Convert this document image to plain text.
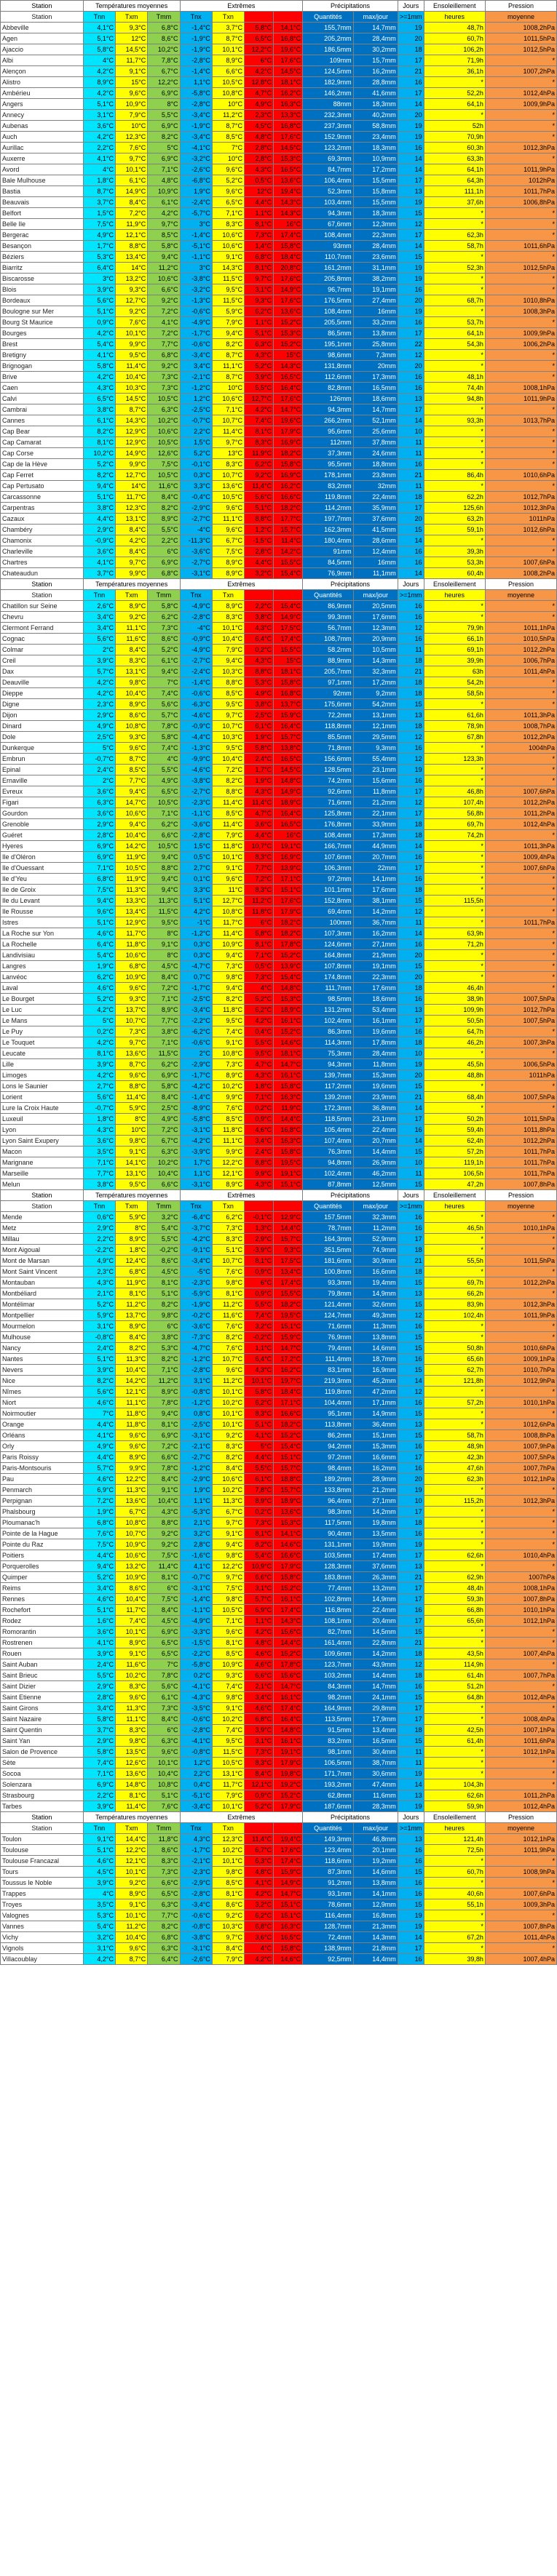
Station	Températures moyennes			Extrêmes				Précipitations		Jours	Ensoleillement	Pression
Station	Tnn	Txm	Tmm	Tnx	Txn			Quantités	max/jour	>=1mm	heures	moyenne
Abbeville	4,1°C	9,3°C	6,8°C	-1,4°C	3,7°C	5,8°C	14,1°C	155,7mm	14,7mm	19	48,7h	1008,2hPa
Agen	5,1°C	12°C	8,6°C	-1,9°C	8,7°C	6,5°C	16,8°C	205,2mm	28,4mm	20	60,7h	1011,5hPa
Ajaccio	5,8°C	14,5°C	10,2°C	-1,9°C	10,1°C	12,2°C	19,6°C	186,5mm	30,2mm	18	106,2h	1012,5hPa
Albi	4°C	11,7°C	7,8°C	-2,8°C	8,9°C	6°C	17,6°C	109mm	15,7mm	17	71,9h	*
Alençon	4,2°C	9,1°C	6,7°C	-1,4°C	6,6°C	4,2°C	14,5°C	124,5mm	16,2mm	21	36,1h	1007,2hPa
Alistro	8,9°C	15°C	12,2°C	1,1°C	10,5°C	12,8°C	18,1°C	182,9mm	28,8mm	16	*	*
Ambérieu	4,2°C	9,6°C	6,9°C	-5,8°C	10,8°C	4,7°C	16,2°C	146,2mm	41,6mm	17	52,2h	1012,4hPa
Angers	5,1°C	10,9°C	8°C	-2,8°C	10°C	4,9°C	16,3°C	88mm	18,3mm	14	64,1h	1009,9hPa
Annecy	3,1°C	7,9°C	5,5°C	-3,4°C	11,2°C	2,3°C	13,3°C	232,3mm	40,2mm	20	*	*
Aubenas	3,6°C	10°C	6,9°C	-1,9°C	8,7°C	4,5°C	16,8°C	237,3mm	58,8mm	19	52h	*
Auch	4,2°C	12,3°C	8,2°C	-3,4°C	8,5°C	4,8°C	17,6°C	152,9mm	23,4mm	19	70,9h	*
Aurillac	2,2°C	7,6°C	5°C	-4,1°C	7°C	2,8°C	14,5°C	123,2mm	18,3mm	16	60,3h	1012,3hPa
Auxerre	4,1°C	9,7°C	6,9°C	-3,2°C	10°C	2,8°C	15,3°C	69,3mm	10,9mm	14	63,3h	*
Avord	4°C	10,1°C	7,1°C	-2,6°C	9,6°C	4,3°C	16,5°C	84,7mm	17,2mm	14	64,1h	1011,9hPa
Bale Mulhouse	1,8°C	6,1°C	4,8°C	-6,8°C	5,2°C	0,5°C	13,6°C	106,4mm	15,5mm	17	64,3h	1012hPa
Bastia	8,7°C	14,9°C	10,9°C	1,9°C	9,6°C	12°C	19,4°C	52,3mm	15,8mm	13	111,1h	1011,7hPa
Beauvais	3,7°C	8,4°C	6,1°C	-2,4°C	6,5°C	4,4°C	14,3°C	103,4mm	15,5mm	19	37,6h	1006,8hPa
Belfort	1,5°C	7,2°C	4,2°C	-5,7°C	7,1°C	1,1°C	14,3°C	94,3mm	18,3mm	15	*	*
Belle Ile	7,5°C	11,9°C	9,7°C	3°C	8,3°C	8,1°C	16°C	67,6mm	12,3mm	12	*	*
Bergerac	4,9°C	12,1°C	8,5°C	-1,4°C	10,6°C	7,3°C	17,4°C	108,4mm	22,3mm	17	62,3h	*
Besançon	1,7°C	8,8°C	5,8°C	-5,1°C	10,6°C	1,4°C	15,8°C	93mm	28,4mm	14	58,7h	1011,6hPa
Béziers	5,3°C	13,4°C	9,4°C	-1,1°C	9,1°C	6,8°C	18,4°C	110,7mm	23,6mm	15	*	*
Biarritz	6,4°C	14°C	11,2°C	3°C	14,3°C	8,1°C	20,8°C	161,2mm	31,1mm	19	52,3h	1012,5hPa
Biscarosse	3°C	13,2°C	10,6°C	-3,8°C	11,5°C	9,7°C	17,6°C	205,8mm	38,2mm	19	*	*
Blois	3,9°C	9,3°C	6,6°C	-3,2°C	9,5°C	3,1°C	14,9°C	96,7mm	19,1mm	16	*	*
Bordeaux	5,6°C	12,7°C	9,2°C	-1,3°C	11,5°C	9,3°C	17,6°C	176,5mm	27,4mm	20	68,7h	1010,8hPa
Boulogne sur Mer	5,1°C	9,2°C	7,2°C	-0,6°C	5,9°C	6,2°C	13,6°C	108,4mm	16mm	19	*	1008,3hPa
Bourg St Maurice	0,9°C	7,6°C	4,1°C	-4,9°C	7,9°C	1,1°C	15,2°C	205,5mm	33,2mm	16	53,7h	*
Bourges	4,2°C	10,1°C	7,2°C	-1,7°C	9,4°C	5,1°C	15,3°C	86,5mm	13,8mm	17	64,1h	1009,9hPa
Brest	5,4°C	9,9°C	7,7°C	-0,6°C	8,2°C	6,3°C	15,2°C	195,1mm	25,8mm	22	54,3h	1006,2hPa
Bretigny	4,1°C	9,5°C	6,8°C	-3,4°C	8,7°C	4,3°C	15°C	98,6mm	7,3mm	12	*	*
Brignogan	5,8°C	11,4°C	9,2°C	3,4°C	11,1°C	5,2°C	14,3°C	131,8mm	20mm	20	*	*
Brive	4,2°C	10,4°C	7,3°C	-2,1°C	8,7°C	3,9°C	16,5°C	112,6mm	17,3mm	16	48,1h	*
Caen	4,3°C	10,3°C	7,3°C	-1,2°C	10°C	5,5°C	16,4°C	82,8mm	16,5mm	16	74,4h	1008,1hPa
Calvi	6,5°C	14,5°C	10,5°C	1,2°C	10,6°C	12,7°C	17,6°C	126mm	18,6mm	13	94,8h	1011,9hPa
Cambrai	3,8°C	8,7°C	6,3°C	-2,5°C	7,1°C	4,2°C	14,7°C	94,3mm	14,7mm	17	*	*
Cannes	6,1°C	14,3°C	10,2°C	-0,7°C	10,7°C	7,4°C	19,6°C	266,2mm	52,1mm	14	93,3h	1013,7hPa
Cap Bear	8,2°C	12,9°C	10,6°C	2,2°C	11,4°C	8,1°C	17,9°C	95,6mm	25,6mm	10	*	*
Cap Camarat	8,1°C	12,9°C	10,5°C	1,5°C	9,7°C	8,3°C	16,9°C	112mm	37,8mm	11	*	*
Cap Corse	10,2°C	14,9°C	12,6°C	5,2°C	13°C	11,9°C	18,2°C	37,3mm	24,6mm	11	*	*
Cap de la Hève	5,2°C	9,9°C	7,5°C	-0,1°C	8,3°C	6,2°C	15,8°C	95,5mm	18,8mm	16	*	*
Cap Ferret	8,2°C	12,7°C	10,5°C	0,3°C	10,7°C	9,2°C	16,9°C	178,1mm	23,8mm	21	86,4h	1010,6hPa
Cap Pertusato	9,4°C	14°C	11,6°C	3,3°C	13,6°C	11,4°C	16,2°C	83,2mm	32mm	11	*	*
Carcassonne	5,1°C	11,7°C	8,4°C	-0,4°C	10,5°C	5,6°C	16,6°C	119,8mm	22,4mm	18	62,2h	1012,7hPa
Carpentras	3,8°C	12,3°C	8,2°C	-2,9°C	9,6°C	5,1°C	18,2°C	114,2mm	35,9mm	17	125,6h	1012,3hPa
Cazaux	4,4°C	13,1°C	8,9°C	-2,7°C	11,1°C	8,8°C	17,7°C	197,7mm	37,6mm	20	63,2h	1011hPa
Chambéry	2,9°C	8,4°C	5,5°C	-4°C	9,6°C	1,2°C	15,7°C	162,3mm	41,5mm	15	59,1h	1012,6hPa
Chamonix	-0,9°C	4,2°C	2,2°C	-11,3°C	6,7°C	-1,5°C	11,4°C	180,4mm	28,6mm	14	*	*
Charleville	3,6°C	8,4°C	6°C	-3,6°C	7,5°C	2,8°C	14,2°C	91mm	12,4mm	16	39,3h	*
Chartres	4,1°C	9,7°C	6,9°C	-2,7°C	8,9°C	4,4°C	15,5°C	84,5mm	16mm	16	53,3h	1007,6hPa
Chateaudun	3,7°C	9,9°C	6,8°C	-3,1°C	8,9°C	3,2°C	15,4°C	76,9mm	11,1mm	14	60,4h	1008,2hPa
Station	Températures moyennes			Extrêmes				Précipitations		Jours	Ensoleillement	Pression
Station	Tnn	Txm	Tmm	Tnx	Txn			Quantités	max/jour	>=1mm	heures	moyenne
Chatillon sur Seine	2,6°C	8,9°C	5,8°C	-4,9°C	8,9°C	2,2°C	15,4°C	86,9mm	20,5mm	16	*	*
Chevru	3,4°C	9,2°C	6,2°C	-2,8°C	8,3°C	3,8°C	14,9°C	99,3mm	17,6mm	16	*	*
Clermont Ferrand	3,4°C	11,1°C	7,3°C	-4°C	10,1°C	4,3°C	17,5°C	56,7mm	12,3mm	12	79,9h	1011,1hPa
Cognac	5,6°C	11,6°C	8,6°C	-0,9°C	10,4°C	6,4°C	17,4°C	108,7mm	20,9mm	16	66,1h	1010,5hPa
Colmar	2°C	8,4°C	5,2°C	-4,9°C	7,9°C	0,2°C	15,5°C	58,2mm	10,5mm	11	69,1h	1012,2hPa
Creil	3,9°C	8,3°C	6,1°C	-2,7°C	9,4°C	4,3°C	15°C	88,9mm	14,3mm	18	39,9h	1006,7hPa
Dax	5,7°C	13,1°C	9,4°C	-2,4°C	10,3°C	8,8°C	18,1°C	205,7mm	32,3mm	21	63h	1011,4hPa
Deauville	4,2°C	9,8°C	7°C	-1,4°C	8,8°C	5,3°C	15,8°C	97,1mm	17,2mm	18	54,2h	*
Dieppe	4,2°C	10,4°C	7,4°C	-0,6°C	8,5°C	4,9°C	16,8°C	92mm	9,2mm	18	58,5h	*
Digne	2,3°C	8,9°C	5,6°C	-6,3°C	9,5°C	3,8°C	13,7°C	175,6mm	54,2mm	15	*	*
Dijon	2,9°C	8,6°C	5,7°C	-4,6°C	9,7°C	2,5°C	15,9°C	72,2mm	13,1mm	13	61,6h	1011,3hPa
Dinard	4,9°C	10,8°C	7,8°C	-0,9°C	10,7°C	6,1°C	16,4°C	118,8mm	12,1mm	18	78,9h	1008,7hPa
Dole	2,5°C	9,3°C	5,8°C	-4,4°C	10,3°C	1,9°C	15,7°C	85,5mm	29,5mm	12	67,8h	1012,2hPa
Dunkerque	5°C	9,6°C	7,4°C	-1,3°C	9,5°C	5,8°C	13,8°C	71,8mm	9,3mm	16	*	1004hPa
Embrun	-0,7°C	8,7°C	4°C	-9,9°C	10,4°C	2,4°C	16,5°C	156,6mm	55,4mm	12	123,3h	*
Epinal	2,4°C	8,5°C	5,5°C	-4,6°C	7,2°C	1,7°C	14,5°C	128,5mm	23,1mm	19	*	*
Ernaville	2°C	7,7°C	4,9°C	-3,8°C	8,2°C	1,9°C	14,8°C	74,2mm	15,6mm	16	*	*
Evreux	3,6°C	9,4°C	6,5°C	-2,7°C	8,8°C	4,3°C	14,9°C	92,6mm	11,8mm	17	46,8h	1007,6hPa
Figari	6,3°C	14,7°C	10,5°C	-2,3°C	11,4°C	11,4°C	18,9°C	71,6mm	21,2mm	12	107,4h	1012,2hPa
Gourdon	3,6°C	10,6°C	7,1°C	-1,1°C	8,5°C	4,7°C	16,4°C	125,8mm	22,1mm	17	56,8h	1011,2hPa
Grenoble	2,9°C	9,4°C	6,2°C	-3,6°C	11,4°C	3,6°C	16,5°C	176,8mm	33,9mm	18	69,7h	1012,4hPa
Guéret	2,8°C	10,4°C	6,6°C	-2,8°C	7,9°C	4,4°C	16°C	108,4mm	17,3mm	18	74,2h	*
Hyeres	6,9°C	14,2°C	10,5°C	1,5°C	11,8°C	10,7°C	19,1°C	166,7mm	44,9mm	14	*	1011,3hPa
Ile d'Oléron	6,9°C	11,9°C	9,4°C	0,5°C	10,1°C	8,3°C	16,9°C	107,6mm	20,7mm	16	*	1009,4hPa
Ile d'Ouessant	7,1°C	10,5°C	8,8°C	2,7°C	9,1°C	7,7°C	13,9°C	106,3mm	22mm	17	*	1007,6hPa
Ile d'Yeu	6,8°C	11,9°C	9,4°C	0,1°C	9,6°C	7,2°C	17,1°C	97,2mm	14,1mm	16	*	*
Ile de Groix	7,5°C	11,3°C	9,4°C	3,3°C	11°C	8,3°C	15,1°C	101,1mm	17,6mm	18	*	*
Ile du Levant	9,4°C	13,3°C	11,3°C	5,1°C	12,7°C	11,2°C	17,6°C	152,8mm	38,1mm	15	115,5h	*
Ile Rousse	9,6°C	13,4°C	11,5°C	4,2°C	10,8°C	11,8°C	17,9°C	69,4mm	14,2mm	12	*	*
Istres	5,1°C	12,9°C	9,5°C	-1°C	11,7°C	6°C	18,2°C	100mm	36,7mm	11	*	1011,7hPa
La Roche sur Yon	4,6°C	11,7°C	8°C	-1,2°C	11,4°C	5,8°C	18,2°C	107,3mm	16,2mm	14	63,9h	*
La Rochelle	6,4°C	11,8°C	9,1°C	0,3°C	10,9°C	8,1°C	17,8°C	124,6mm	27,1mm	16	71,2h	*
Landivisiau	5,4°C	10,6°C	8°C	0,3°C	9,4°C	7,1°C	15,2°C	164,8mm	21,9mm	20	*	*
Langres	1,9°C	6,8°C	4,5°C	-4,7°C	7,3°C	0,5°C	13,9°C	107,8mm	19,1mm	15	*	*
Lanvéoc	6,2°C	10,9°C	8,4°C	0,7°C	9,8°C	7,3°C	15,4°C	174,8mm	22,3mm	20	*	*
Laval	4,6°C	9,6°C	7,2°C	-1,7°C	9,4°C	4°C	14,8°C	111,7mm	17,6mm	18	46,4h	*
Le Bourget	5,2°C	9,3°C	7,1°C	-2,5°C	8,2°C	5,2°C	15,3°C	98,5mm	18,6mm	16	38,9h	1007,5hPa
Le Luc	4,2°C	13,7°C	8,9°C	-3,4°C	11,8°C	6,2°C	18,9°C	131,2mm	53,4mm	13	109,9h	1012,7hPa
Le Mans	5°C	10,7°C	7,7°C	-2,2°C	9,5°C	4,2°C	16,1°C	102,4mm	16,1mm	17	50,5h	1007,5hPa
Le Puy	0,2°C	7,3°C	3,8°C	-6,2°C	7,4°C	0,4°C	15,2°C	86,3mm	19,6mm	16	64,7h	*
Le Touquet	4,2°C	9,7°C	7,1°C	-0,6°C	9,1°C	5,5°C	14,6°C	114,3mm	17,8mm	18	46,2h	1007,3hPa
Leucate	8,1°C	13,6°C	11,5°C	2°C	10,8°C	9,5°C	18,1°C	75,3mm	28,4mm	10	*	*
Lille	3,9°C	8,7°C	6,2°C	-2,9°C	7,3°C	4,7°C	14,7°C	94,3mm	11,8mm	19	45,5h	1006,5hPa
Limoges	4,2°C	9,6°C	6,9°C	-1,7°C	8,9°C	4,3°C	16,1°C	139,7mm	15,3mm	20	48,8h	1011hPa
Lons le Saunier	2,7°C	8,8°C	5,8°C	-4,2°C	10,2°C	1,8°C	15,8°C	117,2mm	19,6mm	15	*	*
Lorient	5,6°C	11,4°C	8,4°C	-1,4°C	9,9°C	7,1°C	16,3°C	139,2mm	23,9mm	21	68,4h	1007,5hPa
Lure la Croix Haute	-0,7°C	5,9°C	2,5°C	-8,9°C	7,6°C	0,2°C	11,9°C	172,3mm	36,8mm	14	*	*
Luxeuil	1,8°C	8°C	4,9°C	-5,8°C	8,5°C	0,9°C	14,4°C	118,5mm	23,1mm	17	50,2h	1011,5hPa
Lyon	4,3°C	10°C	7,2°C	-3,1°C	11,8°C	4,6°C	16,8°C	105,4mm	22,4mm	16	59,4h	1011,8hPa
Lyon Saint Exupery	3,6°C	9,8°C	6,7°C	-4,2°C	11,1°C	3,4°C	16,3°C	107,4mm	20,7mm	14	62,4h	1012,2hPa
Macon	3,5°C	9,1°C	6,3°C	-3,9°C	9,9°C	2,4°C	15,8°C	76,3mm	14,4mm	15	57,2h	1011,7hPa
Marignane	7,1°C	14,1°C	10,2°C	1,7°C	12,2°C	8,8°C	19,5°C	94,8mm	26,9mm	10	119,1h	1011,7hPa
Marseille	7,7°C	13,1°C	10,4°C	1,1°C	12,1°C	9,9°C	19,1°C	102,4mm	46,2mm	11	106,5h	1011,7hPa
Melun	3,8°C	9,5°C	6,6°C	-3,1°C	8,9°C	4,3°C	15,1°C	87,8mm	12,5mm	15	47,2h	1007,8hPa
Station	Températures moyennes			Extrêmes				Précipitations		Jours	Ensoleillement	Pression
Station	Tnn	Txm	Tmm	Tnx	Txn			Quantités	max/jour	>=1mm	heures	moyenne
Mende	0,6°C	5,9°C	3,2°C	-6,4°C	6,2°C	-0,1°C	12,9°C	157,5mm	32,3mm	16	*	*
Metz	2,9°C	8°C	5,4°C	-3,7°C	7,3°C	1,3°C	14,4°C	78,7mm	11,2mm	16	46,5h	1010,1hPa
Millau	2,2°C	8,9°C	5,5°C	-4,2°C	8,3°C	2,9°C	15,7°C	164,3mm	52,9mm	17	*	*
Mont Aigoual	-2,2°C	1,8°C	-0,2°C	-9,1°C	5,1°C	-3,9°C	9,3°C	351,5mm	74,9mm	18	*	*
Mont de Marsan	4,9°C	12,4°C	8,6°C	-3,4°C	10,7°C	8,1°C	17,5°C	181,6mm	30,9mm	21	55,5h	1011,5hPa
Mont Saint Vincent	2,3°C	6,8°C	4,5°C	-5°C	7,6°C	0,9°C	13,4°C	100,8mm	16,6mm	18	*	*
Montauban	4,3°C	11,9°C	8,1°C	-2,3°C	9,8°C	6°C	17,4°C	93,3mm	19,4mm	15	69,7h	1012,2hPa
Montbéliard	2,1°C	8,1°C	5,1°C	-5,9°C	8,1°C	0,9°C	15,5°C	79,8mm	14,9mm	13	66,2h	*
Montélimar	5,2°C	11,2°C	8,2°C	-1,9°C	11,2°C	5,5°C	18,2°C	121,4mm	32,6mm	15	83,9h	1012,3hPa
Montpellier	5,9°C	13,7°C	9,8°C	-0,2°C	11,6°C	7,4°C	19,5°C	124,7mm	49,3mm	12	102,4h	1011,9hPa
Mourmelon	3,1°C	8,9°C	6°C	-3,6°C	7,6°C	3,2°C	15,1°C	71,6mm	11,3mm	16	*	*
Mulhouse	-0,8°C	8,4°C	3,8°C	-7,3°C	8,2°C	-0,2°C	15,9°C	76,9mm	13,8mm	15	*	*
Nancy	2,4°C	8,2°C	5,3°C	-4,7°C	7,6°C	1,1°C	14,7°C	79,4mm	14,6mm	15	50,8h	1010,6hPa
Nantes	5,1°C	11,3°C	8,2°C	-1,2°C	10,7°C	6,4°C	17,2°C	111,4mm	18,7mm	16	65,6h	1009,1hPa
Nevers	3,9°C	10,4°C	7,1°C	-2,8°C	9,6°C	4,3°C	16,2°C	83,1mm	16,9mm	15	62,7h	1010,7hPa
Nice	8,2°C	14,2°C	11,2°C	3,1°C	11,2°C	10,1°C	19,7°C	219,3mm	45,2mm	14	121,8h	1012,9hPa
Nîmes	5,6°C	12,1°C	8,9°C	-0,8°C	10,1°C	5,8°C	18,4°C	119,8mm	47,2mm	12	*	*
Niort	4,6°C	11,1°C	7,8°C	-1,2°C	10,2°C	6,2°C	17,1°C	104,4mm	17,1mm	16	57,2h	1010,1hPa
Noirmoutier	7°C	11,8°C	9,4°C	0,8°C	10,1°C	8,3°C	16,6°C	95,1mm	14,9mm	15	*	*
Orange	4,4°C	11,8°C	8,1°C	-2,5°C	10,1°C	5,1°C	18,2°C	113,8mm	36,4mm	13	*	1012,6hPa
Orléans	4,1°C	9,6°C	6,9°C	-3,1°C	9,2°C	4,1°C	15,2°C	86,2mm	15,1mm	15	58,7h	1008,8hPa
Orly	4,9°C	9,6°C	7,2°C	-2,1°C	8,3°C	5°C	15,4°C	94,2mm	15,3mm	16	48,9h	1007,9hPa
Paris Roissy	4,4°C	8,9°C	6,6°C	-2,7°C	8,2°C	4,4°C	15,1°C	97,2mm	16,6mm	17	42,3h	1007,5hPa
Paris-Montsouris	5,7°C	9,9°C	7,8°C	-1,2°C	8,4°C	5,5°C	15,7°C	98,4mm	16,2mm	16	47,6h	1007,7hPa
Pau	4,6°C	12,2°C	8,4°C	-2,9°C	10,6°C	6,1°C	18,8°C	189,2mm	28,9mm	20	62,3h	1012,1hPa
Penmarch	6,9°C	11,3°C	9,1°C	1,9°C	10,2°C	7,8°C	15,7°C	133,8mm	21,2mm	19	*	*
Perpignan	7,2°C	13,6°C	10,4°C	1,1°C	11,3°C	8,9°C	18,9°C	96,4mm	27,1mm	10	115,2h	1012,3hPa
Phalsbourg	1,9°C	6,7°C	4,3°C	-5,3°C	6,7°C	0,2°C	13,6°C	98,3mm	14,2mm	17	*	*
Ploumanac'h	6,8°C	10,8°C	8,8°C	2,1°C	9,7°C	7,3°C	15,3°C	117,5mm	19,8mm	18	*	*
Pointe de la Hague	7,6°C	10,7°C	9,2°C	3,2°C	9,1°C	8,1°C	14,1°C	90,4mm	13,5mm	16	*	*
Pointe du Raz	7,5°C	10,9°C	9,2°C	2,8°C	9,4°C	8,2°C	14,6°C	131,1mm	19,9mm	19	*	*
Poitiers	4,4°C	10,6°C	7,5°C	-1,6°C	9,8°C	5,4°C	16,6°C	103,5mm	17,4mm	17	62,6h	1010,4hPa
Porquerolles	9,4°C	13,2°C	11,4°C	4,1°C	12,2°C	10,9°C	17,9°C	128,3mm	37,6mm	13	*	*
Quimper	5,2°C	10,9°C	8,1°C	-0,7°C	9,7°C	6,6°C	15,8°C	183,8mm	26,3mm	21	62,9h	1007hPa
Reims	3,4°C	8,6°C	6°C	-3,1°C	7,5°C	3,1°C	15,2°C	77,4mm	13,2mm	17	48,4h	1008,1hPa
Rennes	4,6°C	10,4°C	7,5°C	-1,4°C	9,8°C	5,7°C	16,1°C	102,8mm	14,9mm	17	59,3h	1007,8hPa
Rochefort	5,1°C	11,7°C	8,4°C	-1,1°C	10,5°C	6,9°C	17,4°C	116,8mm	22,4mm	16	66,8h	1010,1hPa
Rodez	1,6°C	7,4°C	4,5°C	-4,9°C	7,1°C	1,1°C	14,3°C	108,1mm	20,4mm	17	65,6h	1012,1hPa
Romorantin	3,6°C	10,1°C	6,9°C	-3,3°C	9,6°C	4,2°C	15,6°C	82,7mm	14,5mm	15	*	*
Rostrenen	4,1°C	8,9°C	6,5°C	-1,5°C	8,1°C	4,8°C	14,4°C	161,4mm	22,8mm	21	*	*
Rouen	3,9°C	9,1°C	6,5°C	-2,2°C	8,5°C	4,6°C	15,2°C	109,6mm	14,2mm	18	43,5h	1007,4hPa
Saint Auban	2,4°C	11,6°C	7°C	-5,8°C	10,9°C	4,6°C	17,8°C	123,7mm	43,9mm	12	114,9h	*
Saint Brieuc	5,5°C	10,2°C	7,8°C	0,2°C	9,3°C	6,6°C	15,6°C	103,2mm	14,4mm	18	61,4h	1007,7hPa
Saint Dizier	2,9°C	8,3°C	5,6°C	-4,1°C	7,4°C	2,1°C	14,7°C	84,3mm	14,7mm	16	51,2h	*
Saint Etienne	2,8°C	9,6°C	6,1°C	-4,3°C	9,8°C	3,4°C	16,1°C	98,2mm	24,1mm	15	64,8h	1012,4hPa
Saint Girons	3,4°C	11,3°C	7,3°C	-3,5°C	9,1°C	4,6°C	17,4°C	164,9mm	29,8mm	17	*	*
Saint Nazaire	5,8°C	11,1°C	8,4°C	-0,6°C	10,2°C	6,8°C	16,4°C	113,5mm	17,9mm	17	*	1008,4hPa
Saint Quentin	3,7°C	8,3°C	6°C	-2,8°C	7,4°C	3,9°C	14,8°C	91,5mm	13,4mm	18	42,5h	1007,1hPa
Saint Yan	2,9°C	9,8°C	6,3°C	-4,1°C	9,5°C	3,1°C	16,1°C	83,2mm	16,5mm	15	61,4h	1011,6hPa
Salon de Provence	5,8°C	13,5°C	9,6°C	-0,8°C	11,5°C	7,3°C	19,1°C	98,1mm	30,4mm	11	*	1012,1hPa
Sète	7,4°C	12,6°C	10,1°C	1,2°C	10,5°C	8,3°C	17,9°C	106,5mm	38,7mm	11	*	*
Socoa	7,1°C	13,6°C	10,4°C	2,2°C	13,1°C	8,4°C	19,8°C	171,7mm	30,6mm	19	*	*
Solenzara	6,9°C	14,8°C	10,8°C	0,4°C	11,7°C	12,1°C	19,2°C	193,2mm	47,4mm	14	104,3h	*
Strasbourg	2,2°C	8,1°C	5,1°C	-5,1°C	7,9°C	0,9°C	15,2°C	62,8mm	11,6mm	13	62,6h	1011,2hPa
Tarbes	3,9°C	11,4°C	7,6°C	-3,4°C	10,1°C	5,2°C	17,9°C	187,6mm	28,3mm	19	59,9h	1012,4hPa
Station	Températures moyennes			Extrêmes				Précipitations		Jours	Ensoleillement	Pression
Station	Tnn	Txm	Tmm	Tnx	Txn			Quantités	max/jour	>=1mm	heures	moyenne
Toulon	9,1°C	14,4°C	11,8°C	4,3°C	12,3°C	11,4°C	19,4°C	149,3mm	46,8mm	13	121,4h	1012,1hPa
Toulouse	5,1°C	12,2°C	8,6°C	-1,7°C	10,2°C	6,7°C	17,6°C	123,4mm	20,1mm	16	72,5h	1011,9hPa
Toulouse Francazal	4,6°C	12,1°C	8,3°C	-2,1°C	10,1°C	6,3°C	17,4°C	118,6mm	19,2mm	16	*	*
Tours	4,5°C	10,1°C	7,3°C	-2,3°C	9,8°C	4,8°C	15,9°C	87,3mm	14,6mm	15	60,7h	1008,9hPa
Toussus le Noble	3,9°C	9,2°C	6,6°C	-2,9°C	8,5°C	4,1°C	14,9°C	91,2mm	13,8mm	16	*	*
Trappes	4°C	8,9°C	6,5°C	-2,8°C	8,1°C	4,2°C	14,7°C	93,1mm	14,1mm	16	40,6h	1007,6hPa
Troyes	3,5°C	9,1°C	6,3°C	-3,4°C	8,6°C	3,2°C	15,1°C	78,6mm	12,9mm	15	55,1h	1009,3hPa
Valognes	5,3°C	10,1°C	7,7°C	-0,6°C	9,2°C	6,2°C	15,1°C	116,4mm	16,8mm	19	*	*
Vannes	5,4°C	11,2°C	8,2°C	-0,8°C	10,3°C	6,8°C	16,3°C	128,7mm	21,3mm	19	*	1007,8hPa
Vichy	3,2°C	10,4°C	6,8°C	-3,8°C	9,7°C	3,6°C	16,5°C	72,4mm	14,3mm	14	67,2h	1011,4hPa
Vignols	3,1°C	9,6°C	6,3°C	-3,1°C	8,4°C	4°C	15,8°C	138,9mm	21,8mm	17	*	*
Villacoublay	4,2°C	8,7°C	6,4°C	-2,6°C	7,9°C	4,2°C	14,6°C	92,5mm	14,4mm	16	39,8h	1007,4hPa
